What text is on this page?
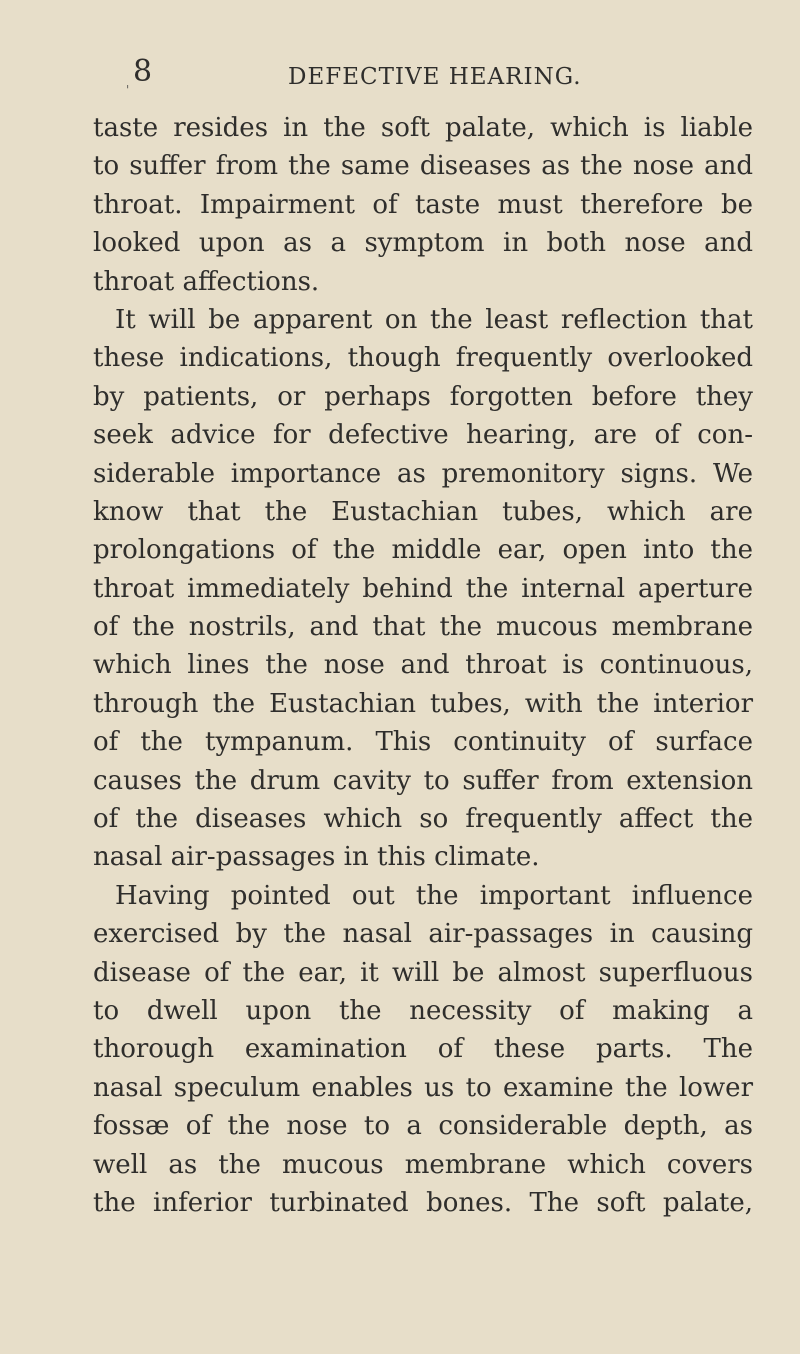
8	DEFECTIVE HEARING.
'
taste resides in the soft palate, which is liable
to suffer from the same diseases as the nose and
throat. Impairment of taste must therefore be
looked upon as a symptom in both nose and
throat affections.
It will be apparent on the least reflection that
these indications, though frequently overlooked
by patients, or perhaps forgotten before they
seek advice for defective hearing, are of con-
siderable importance as premonitory signs. We
know that the Eustachian tubes, which are
prolongations of the middle ear, open into the
throat immediately behind the internal aperture
of the nostrils, and that the mucous membrane
which lines the nose and throat is continuous,
through the Eustachian tubes, with the interior
of the tympanum. This continuity of surface
causes the drum cavity to suffer from extension
of the diseases which so frequently affect the
nasal air-passages in this climate.
Having pointed out the important influence
exercised by the nasal air-passages in causing
disease of the ear, it will be almost superfluous
to dwell upon the necessity of making a
thorough examination of these parts. The
nasal speculum enables us to examine the lower
fossæ of the nose to a considerable depth, as
well as the mucous membrane which covers
the inferior turbinated bones. The soft palate,
